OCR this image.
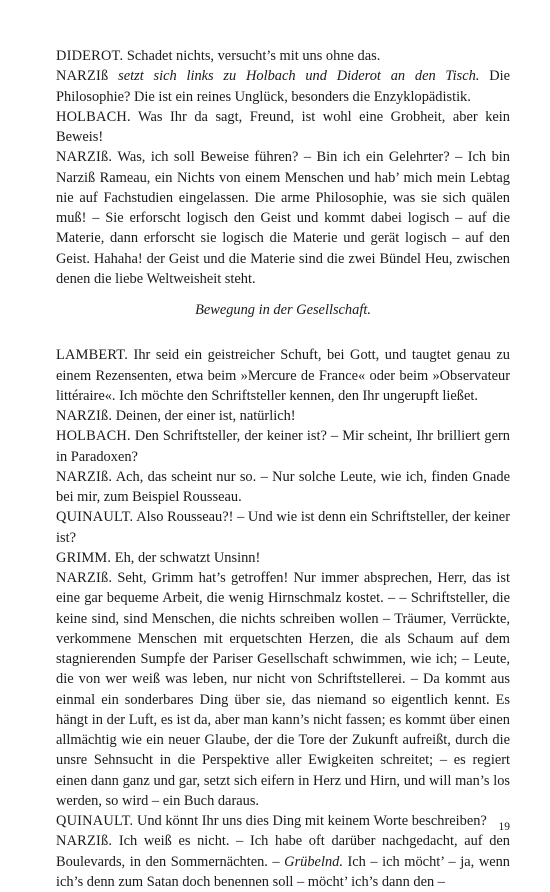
DIDEROT. Schadet nichts, versucht’s mit uns ohne das.

NARZIß setzt sich links zu Holbach und Diderot an den Tisch. Die Philosophie? Die ist ein reines Unglück, besonders die Enzyklopädistik.

HOLBACH. Was Ihr da sagt, Freund, ist wohl eine Grobheit, aber kein Beweis!

NARZIß. Was, ich soll Beweise führen? – Bin ich ein Gelehrter? – Ich bin Narziß Rameau, ein Nichts von einem Menschen und hab’ mich mein Lebtag nie auf Fachstudien eingelassen. Die arme Philosophie, was sie sich quälen muß! – Sie erforscht logisch den Geist und kommt dabei logisch – auf die Materie, dann erforscht sie logisch die Materie und gerät logisch – auf den Geist. Hahaha! der Geist und die Materie sind die zwei Bündel Heu, zwischen denen die liebe Weltweisheit steht.

Bewegung in der Gesellschaft.

LAMBERT. Ihr seid ein geistreicher Schuft, bei Gott, und taugtet genau zu einem Rezensenten, etwa beim »Mercure de France« oder beim »Observateur littéraire«. Ich möchte den Schriftsteller kennen, den Ihr ungerupft ließet.

NARZIß. Deinen, der einer ist, natürlich!

HOLBACH. Den Schriftsteller, der keiner ist? – Mir scheint, Ihr brilliert gern in Paradoxen?

NARZIß. Ach, das scheint nur so. – Nur solche Leute, wie ich, finden Gnade bei mir, zum Beispiel Rousseau.

QUINAULT. Also Rousseau?! – Und wie ist denn ein Schriftsteller, der keiner ist?

GRIMM. Eh, der schwatzt Unsinn!

NARZIß. Seht, Grimm hat’s getroffen! Nur immer absprechen, Herr, das ist eine gar bequeme Arbeit, die wenig Hirnschmalz kostet. – – Schriftsteller, die keine sind, sind Menschen, die nichts schreiben wollen – Träumer, Verrückte, verkommene Menschen mit erquetschten Herzen, die als Schaum auf dem stagnierenden Sumpfe der Pariser Gesellschaft schwimmen, wie ich; – Leute, die von wer weiß was leben, nur nicht von Schriftstellerei. – Da kommt aus einmal ein sonderbares Ding über sie, das niemand so eigentlich kennt. Es hängt in der Luft, es ist da, aber man kann’s nicht fassen; es kommt über einen allmächtig wie ein neuer Glaube, der die Tore der Zukunft aufreißt, durch die unsre Sehnsucht in die Perspektive aller Ewigkeiten schreitet; – es regiert einen dann ganz und gar, setzt sich eifern in Herz und Hirn, und will man’s los werden, so wird – ein Buch daraus.

QUINAULT. Und könnt Ihr uns dies Ding mit keinem Worte beschreiben?

NARZIß. Ich weiß es nicht. – Ich habe oft darüber nachgedacht, auf den Boulevards, in den Sommernächten. – Grübelnd. Ich – ich möcht’ – ja, wenn ich’s denn zum Satan doch benennen soll – möcht’ ich’s dann den –

19
